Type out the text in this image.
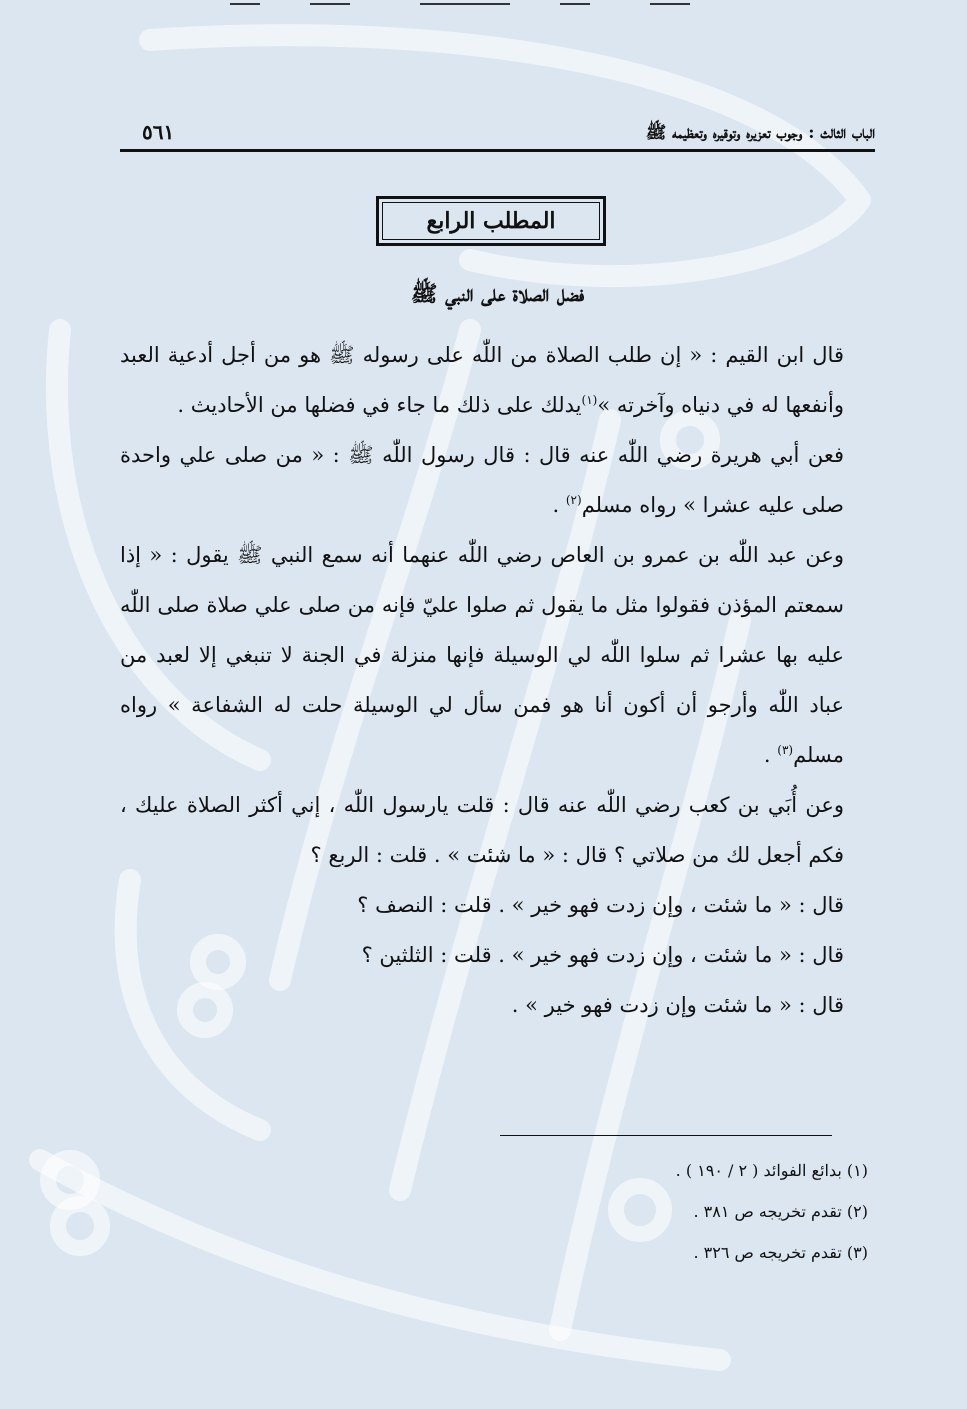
الباب الثالث : وجوب تعزيره وتوقيره وتعظيمه ﷺ
٥٦١
المطلب الرابع
فضل الصلاة على النبي ﷺ

قال ابن القيم : « إن طلب الصلاة من اللّٰه على رسوله ﷺ هو من أجل أدعية العبد وأنفعها له في دنياه وآخرته »$^{(١)}$يدلك على ذلك ما جاء في فضلها من الأحاديث .

فعن أبي هريرة رضي اللّٰه عنه قال : قال رسول اللّٰه ﷺ : « من صلى علي واحدة صلى عليه عشرا » رواه مسلم$^{(٢)}$ .

وعن عبد اللّٰه بن عمرو بن العاص رضي اللّٰه عنهما أنه سمع النبي ﷺ يقول : « إذا سمعتم المؤذن فقولوا مثل ما يقول ثم صلوا عليّ فإنه من صلى علي صلاة صلى اللّٰه عليه بها عشرا ثم سلوا اللّٰه لي الوسيلة فإنها منزلة في الجنة لا تنبغي إلا لعبد من عباد اللّٰه وأرجو أن أكون أنا هو فمن سأل لي الوسيلة حلت له الشفاعة » رواه مسلم$^{(٣)}$ .

وعن أُبَي بن كعب رضي اللّٰه عنه قال : قلت يارسول اللّٰه ، إني أكثر الصلاة عليك ، فكم أجعل لك من صلاتي ؟ قال : « ما شئت » . قلت : الربع ؟

قال : « ما شئت ، وإن زدت فهو خير » . قلت : النصف ؟

قال : « ما شئت ، وإن زدت فهو خير » . قلت : الثلثين ؟

قال : « ما شئت وإن زدت فهو خير » .

(١) بدائع الفوائد ( ٢ / ١٩٠ ) .
(٢) تقدم تخريجه ص ٣٨١ .
(٣) تقدم تخريجه ص ٣٢٦ .
